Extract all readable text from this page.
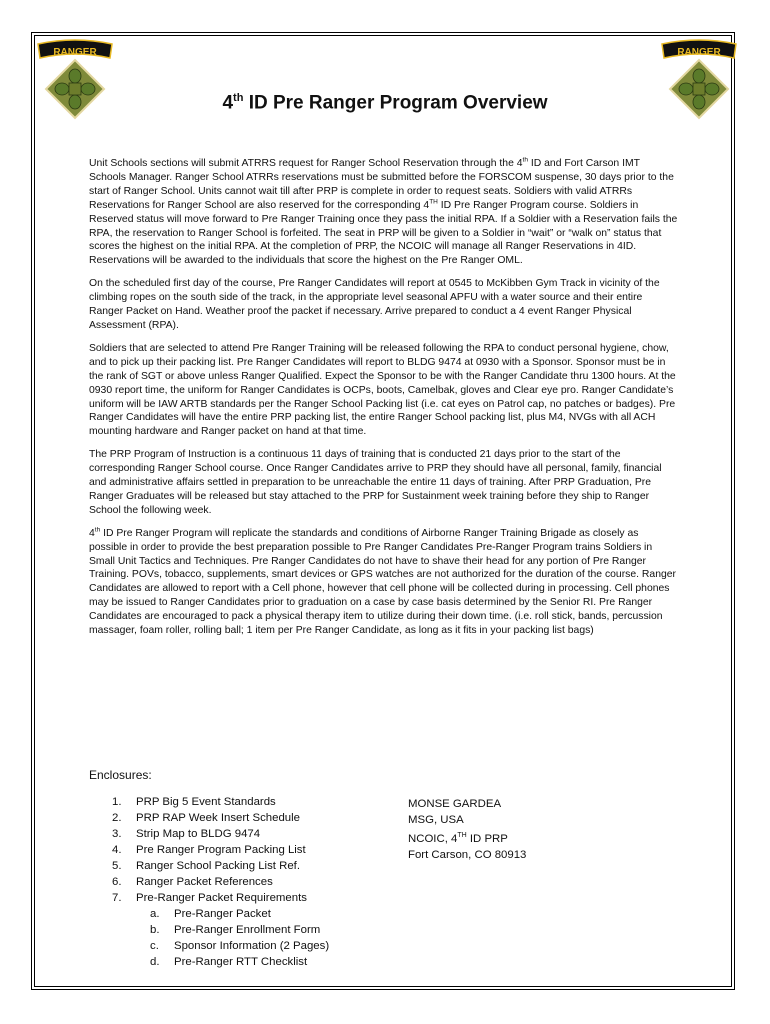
RANGER	RANGER
4th ID Pre Ranger Program Overview

Unit Schools sections will submit ATRRS request for Ranger School Reservation through the 4th ID and Fort Carson IMT Schools Manager. Ranger School ATRRs reservations must be submitted before the FORSCOM suspense, 30 days prior to the start of Ranger School. Units cannot wait till after PRP is complete in order to request seats. Soldiers with valid ATRRs Reservations for Ranger School are also reserved for the corresponding 4TH ID Pre Ranger Program course. Soldiers in Reserved status will move forward to Pre Ranger Training once they pass the initial RPA. If a Soldier with a Reservation fails the RPA, the reservation to Ranger School is forfeited. The seat in PRP will be given to a Soldier in “wait” or “walk on” status that scores the highest on the initial RPA. At the completion of PRP, the NCOIC will manage all Ranger Reservations in 4ID. Reservations will be awarded to the individuals that score the highest on the Pre Ranger OML.

On the scheduled first day of the course, Pre Ranger Candidates will report at 0545 to McKibben Gym Track in vicinity of the climbing ropes on the south side of the track, in the appropriate level seasonal APFU with a water source and their entire Ranger Packet on Hand. Weather proof the packet if necessary. Arrive prepared to conduct a 4 event Ranger Physical Assessment (RPA).

Soldiers that are selected to attend Pre Ranger Training will be released following the RPA to conduct personal hygiene, chow, and to pick up their packing list. Pre Ranger Candidates will report to BLDG 9474 at 0930 with a Sponsor. Sponsor must be in the rank of SGT or above unless Ranger Qualified. Expect the Sponsor to be with the Ranger Candidate thru 1300 hours. At the 0930 report time, the uniform for Ranger Candidates is OCPs, boots, Camelbak, gloves and Clear eye pro. Ranger Candidate’s uniform will be IAW ARTB standards per the Ranger School Packing list (i.e. cat eyes on Patrol cap, no patches or badges). Pre Ranger Candidates will have the entire PRP packing list, the entire Ranger School packing list, plus M4, NVGs with all ACH mounting hardware and Ranger packet on hand at that time.

The PRP Program of Instruction is a continuous 11 days of training that is conducted 21 days prior to the start of the corresponding Ranger School course. Once Ranger Candidates arrive to PRP they should have all personal, family, financial and administrative affairs settled in preparation to be unreachable the entire 11 days of training. After PRP Graduation, Pre Ranger Graduates will be released but stay attached to the PRP for Sustainment week training before they ship to Ranger School the following week.

4th ID Pre Ranger Program will replicate the standards and conditions of Airborne Ranger Training Brigade as closely as possible in order to provide the best preparation possible to Pre Ranger Candidates Pre-Ranger Program trains Soldiers in Small Unit Tactics and Techniques. Pre Ranger Candidates do not have to shave their head for any portion of Pre Ranger Training. POVs, tobacco, supplements, smart devices or GPS watches are not authorized for the duration of the course. Ranger Candidates are allowed to report with a Cell phone, however that cell phone will be collected during in processing. Cell phones may be issued to Ranger Candidates prior to graduation on a case by case basis determined by the Senior RI. Pre Ranger Candidates are encouraged to pack a physical therapy item to utilize during their down time. (i.e. roll stick, bands, percussion massager, foam roller, rolling ball; 1 item per Pre Ranger Candidate, as long as it fits in your packing list bags)

Enclosures:
1. PRP Big 5 Event Standards
2. PRP RAP Week Insert Schedule
3. Strip Map to BLDG 9474
4. Pre Ranger Program Packing List
5. Ranger School Packing List Ref.
6. Ranger Packet References
7. Pre-Ranger Packet Requirements
a. Pre-Ranger Packet
b. Pre-Ranger Enrollment Form
c. Sponsor Information (2 Pages)
d. Pre-Ranger RTT Checklist
MONSE GARDEA
MSG, USA
NCOIC, 4TH ID PRP
Fort Carson, CO 80913
